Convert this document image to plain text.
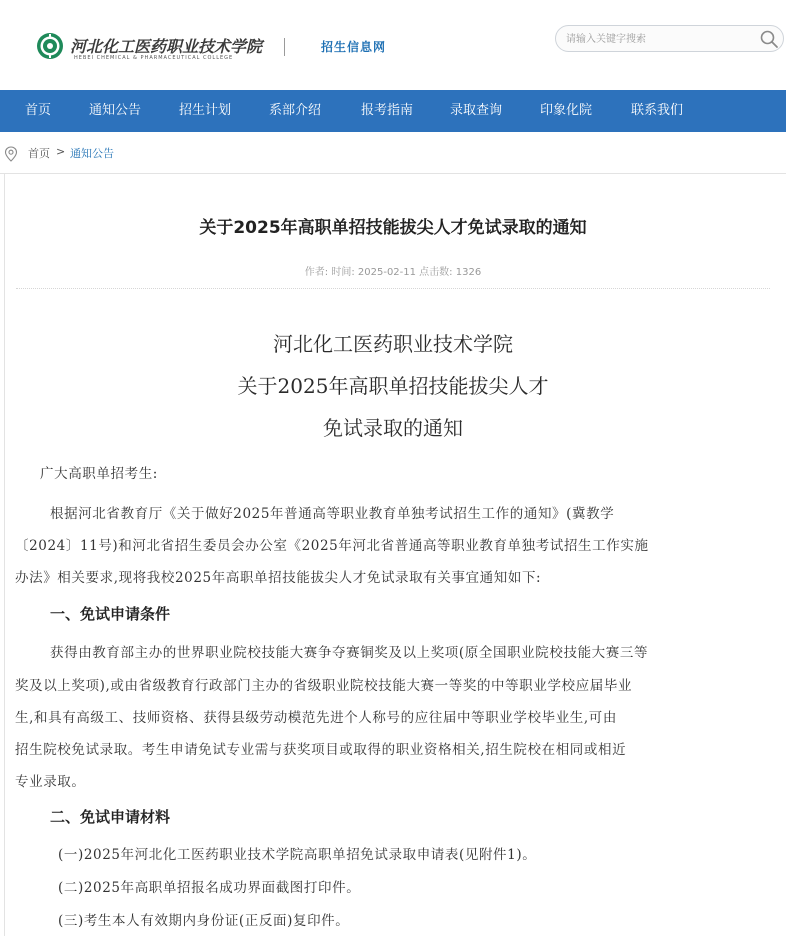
河北化工医药职业技术学院
HEBEI CHEMICAL & PHARMACEUTICAL COLLEGE
招生信息网
请输入关键字搜索
首页	通知公告	招生计划	系部介绍	报考指南	录取查询	印象化院	联系我们
首页 > 通知公告
关于2025年高职单招技能拔尖人才免试录取的通知
作者: 时间: 2025-02-11 点击数: 1326
河北化工医药职业技术学院
关于2025年高职单招技能拔尖人才
免试录取的通知
广大高职单招考生:
根据河北省教育厅《关于做好2025年普通高等职业教育单独考试招生工作的通知》(冀教学
〔2024〕11号)和河北省招生委员会办公室《2025年河北省普通高等职业教育单独考试招生工作实施
办法》相关要求,现将我校2025年高职单招技能拔尖人才免试录取有关事宜通知如下:
一、免试申请条件
获得由教育部主办的世界职业院校技能大赛争夺赛铜奖及以上奖项(原全国职业院校技能大赛三等
奖及以上奖项),或由省级教育行政部门主办的省级职业院校技能大赛一等奖的中等职业学校应届毕业
生,和具有高级工、技师资格、获得县级劳动模范先进个人称号的应往届中等职业学校毕业生,可由
招生院校免试录取。考生申请免试专业需与获奖项目或取得的职业资格相关,招生院校在相同或相近
专业录取。
二、免试申请材料
(一)2025年河北化工医药职业技术学院高职单招免试录取申请表(见附件1)。
(二)2025年高职单招报名成功界面截图打印件。
(三)考生本人有效期内身份证(正反面)复印件。
